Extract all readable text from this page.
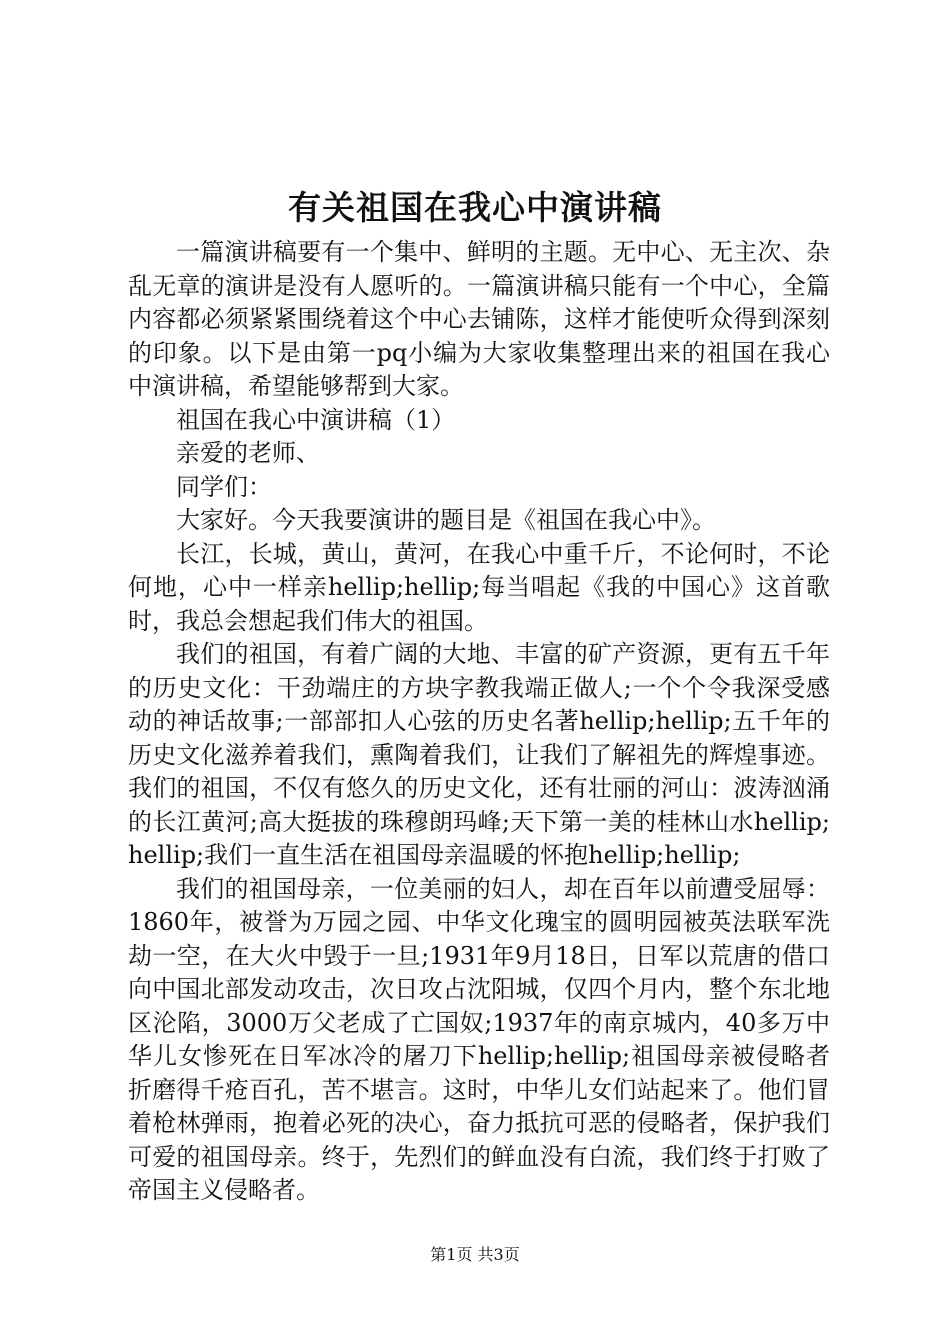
有关祖国在我心中演讲稿

一篇演讲稿要有一个集中、鲜明的主题。无中心、无主次、杂乱无章的演讲是没有人愿听的。一篇演讲稿只能有一个中心，全篇内容都必须紧紧围绕着这个中心去铺陈，这样才能使听众得到深刻的印象。以下是由第一pq小编为大家收集整理出来的祖国在我心中演讲稿，希望能够帮到大家。

祖国在我心中演讲稿（1）

亲爱的老师、

同学们：

大家好。今天我要演讲的题目是《祖国在我心中》。

长江，长城，黄山，黄河，在我心中重千斤，不论何时，不论何地，心中一样亲hellip;hellip;每当唱起《我的中国心》这首歌时，我总会想起我们伟大的祖国。

我们的祖国，有着广阔的大地、丰富的矿产资源，更有五千年的历史文化：干劲端庄的方块字教我端正做人;一个个令我深受感动的神话故事;一部部扣人心弦的历史名著hellip;hellip;五千年的历史文化滋养着我们，熏陶着我们，让我们了解祖先的辉煌事迹。我们的祖国，不仅有悠久的历史文化，还有壮丽的河山：波涛汹涌的长江黄河;高大挺拔的珠穆朗玛峰;天下第一美的桂林山水hellip;hellip;我们一直生活在祖国母亲温暖的怀抱hellip;hellip;

我们的祖国母亲，一位美丽的妇人，却在百年以前遭受屈辱：1860年，被誉为万园之园、中华文化瑰宝的圆明园被英法联军洗劫一空，在大火中毁于一旦;1931年9月18日，日军以荒唐的借口向中国北部发动攻击，次日攻占沈阳城，仅四个月内，整个东北地区沦陷，3000万父老成了亡国奴;1937年的南京城内，40多万中华儿女惨死在日军冰冷的屠刀下hellip;hellip;祖国母亲被侵略者折磨得千疮百孔，苦不堪言。这时，中华儿女们站起来了。他们冒着枪林弹雨，抱着必死的决心，奋力抵抗可恶的侵略者，保护我们可爱的祖国母亲。终于，先烈们的鲜血没有白流，我们终于打败了帝国主义侵略者。

第1页 共3页
